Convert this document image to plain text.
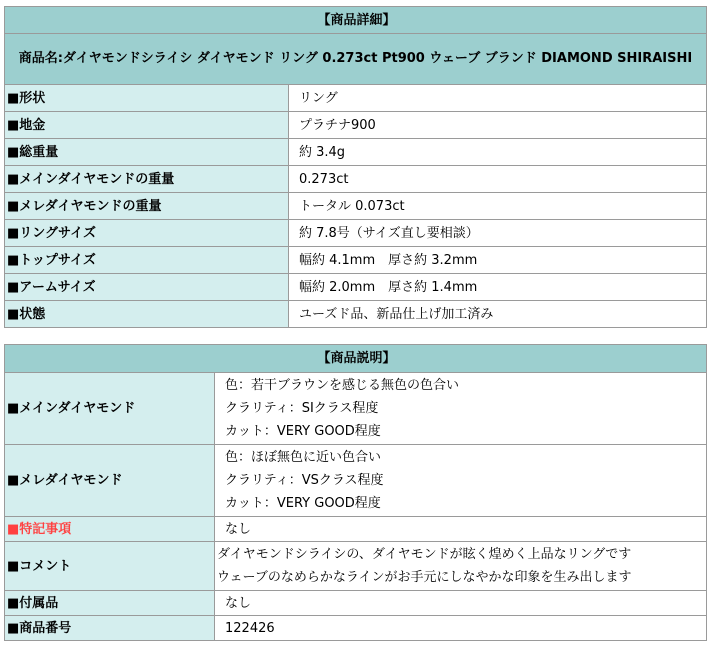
【商品詳細】	
商品名:ダイヤモンドシライシ ダイヤモンド リング 0.273ct Pt900 ウェーブ ブランド DIAMOND SHIRAISHI	
■形状	リング
■地金	プラチナ900
■総重量	約 3.4g
■メインダイヤモンドの重量	0.273ct
■メレダイヤモンドの重量	トータル 0.073ct
■リングサイズ	約 7.8号（サイズ直し要相談）
■トップサイズ	幅約 4.1mm　厚さ約 3.2mm
■アームサイズ	幅約 2.0mm　厚さ約 1.4mm
■状態	ユーズド品、新品仕上げ加工済み
【商品説明】	
■メインダイヤモンド	色：若干ブラウンを感じる無色の色合い
クラリティ：SIクラス程度
カット：VERY GOOD程度

■メレダイヤモンド	色：ほぼ無色に近い色合い
クラリティ：VSクラス程度
カット：VERY GOOD程度

■特記事項	なし
■コメント	ダイヤモンドシライシの、ダイヤモンドが眩く煌めく上品なリングです
ウェーブのなめらかなラインがお手元にしなやかな印象を生み出します

■付属品	なし
■商品番号	122426
